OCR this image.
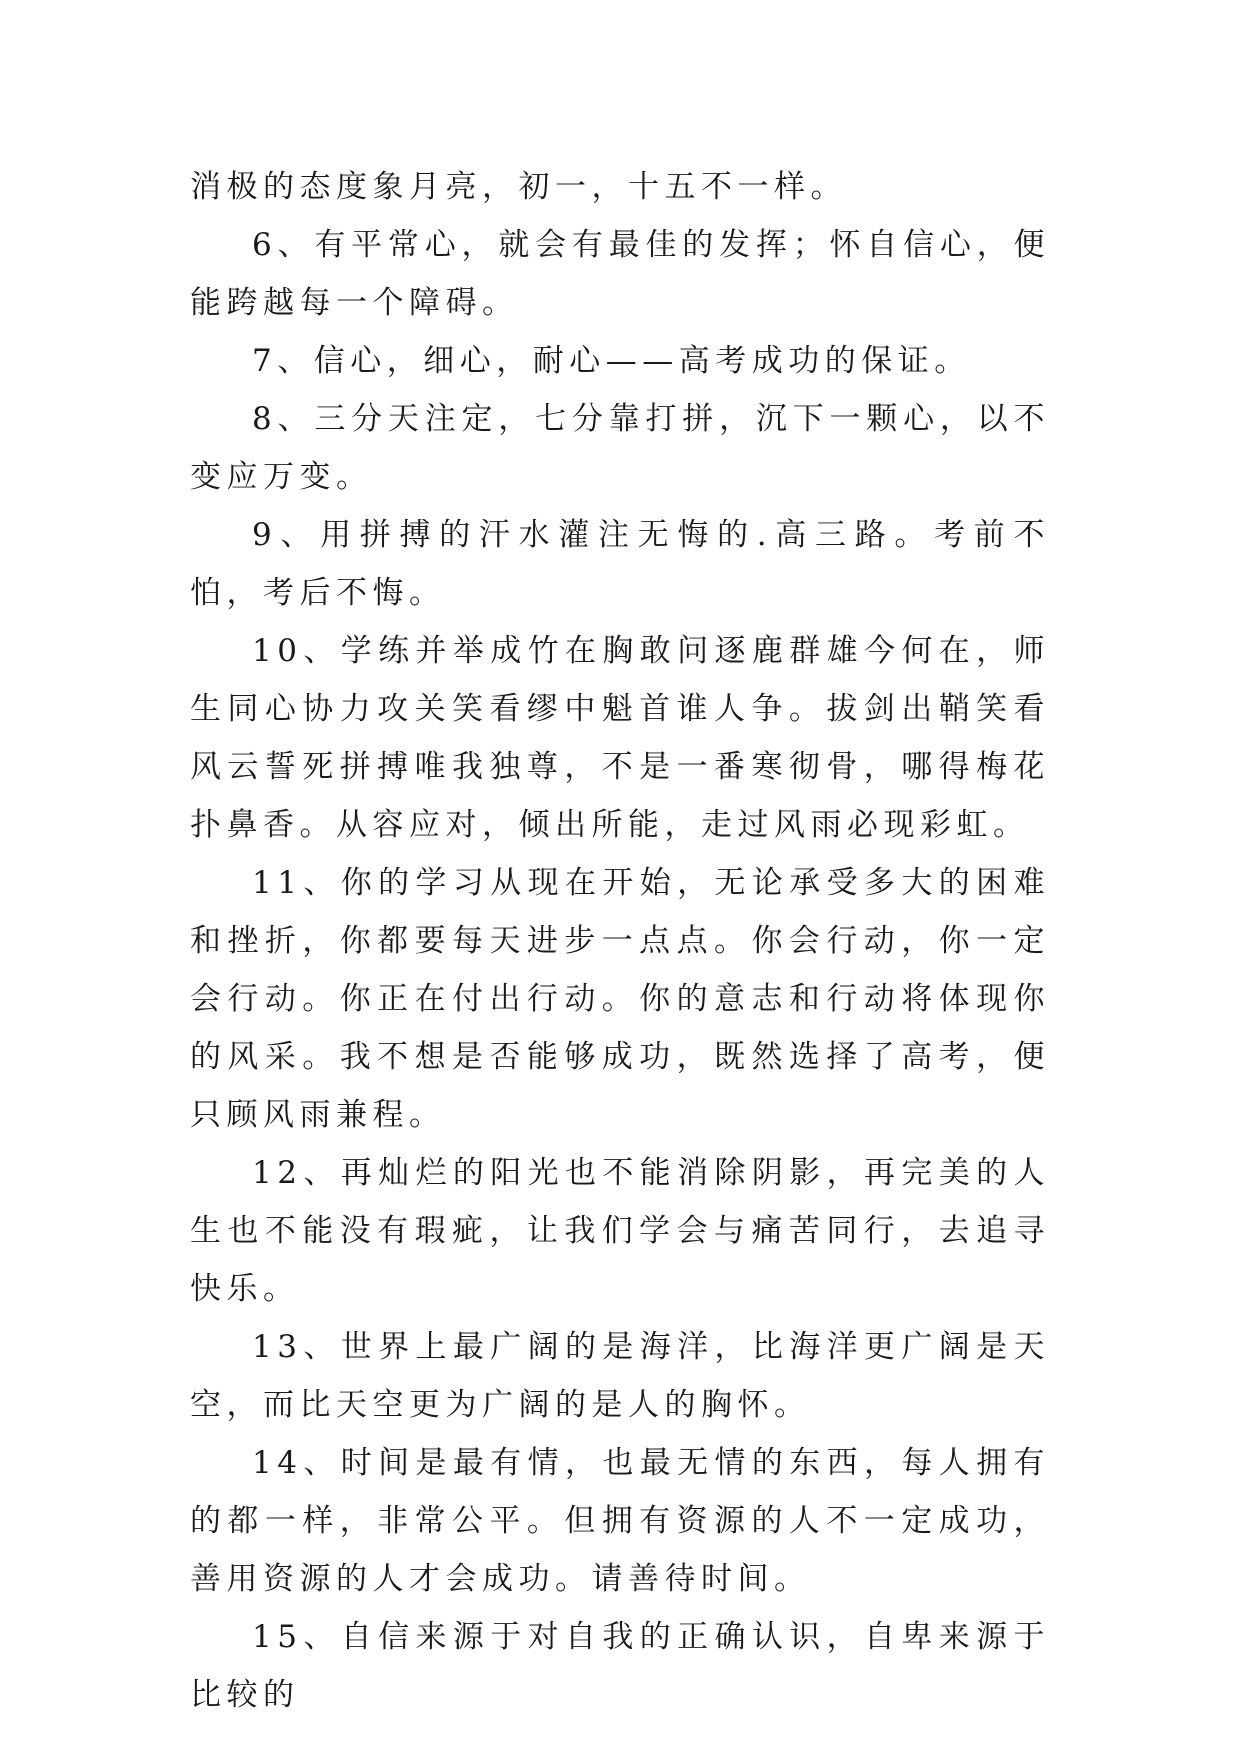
消极的态度象月亮，初一，十五不一样。

6、有平常心，就会有最佳的发挥；怀自信心，便能跨越每一个障碍。

7、信心，细心，耐心——高考成功的保证。

8、三分天注定，七分靠打拼，沉下一颗心，以不变应万变。

9、用拼搏的汗水灌注无悔的.高三路。考前不怕，考后不悔。

10、学练并举成竹在胸敢问逐鹿群雄今何在，师生同心协力攻关笑看缪中魁首谁人争。拔剑出鞘笑看风云誓死拼搏唯我独尊，不是一番寒彻骨，哪得梅花扑鼻香。从容应对，倾出所能，走过风雨必现彩虹。

11、你的学习从现在开始，无论承受多大的困难和挫折，你都要每天进步一点点。你会行动，你一定会行动。你正在付出行动。你的意志和行动将体现你的风采。我不想是否能够成功，既然选择了高考，便只顾风雨兼程。

12、再灿烂的阳光也不能消除阴影，再完美的人生也不能没有瑕疵，让我们学会与痛苦同行，去追寻快乐。

13、世界上最广阔的是海洋，比海洋更广阔是天空，而比天空更为广阔的是人的胸怀。

14、时间是最有情，也最无情的东西，每人拥有的都一样，非常公平。但拥有资源的人不一定成功，善用资源的人才会成功。请善待时间。

15、自信来源于对自我的正确认识，自卑来源于比较的
